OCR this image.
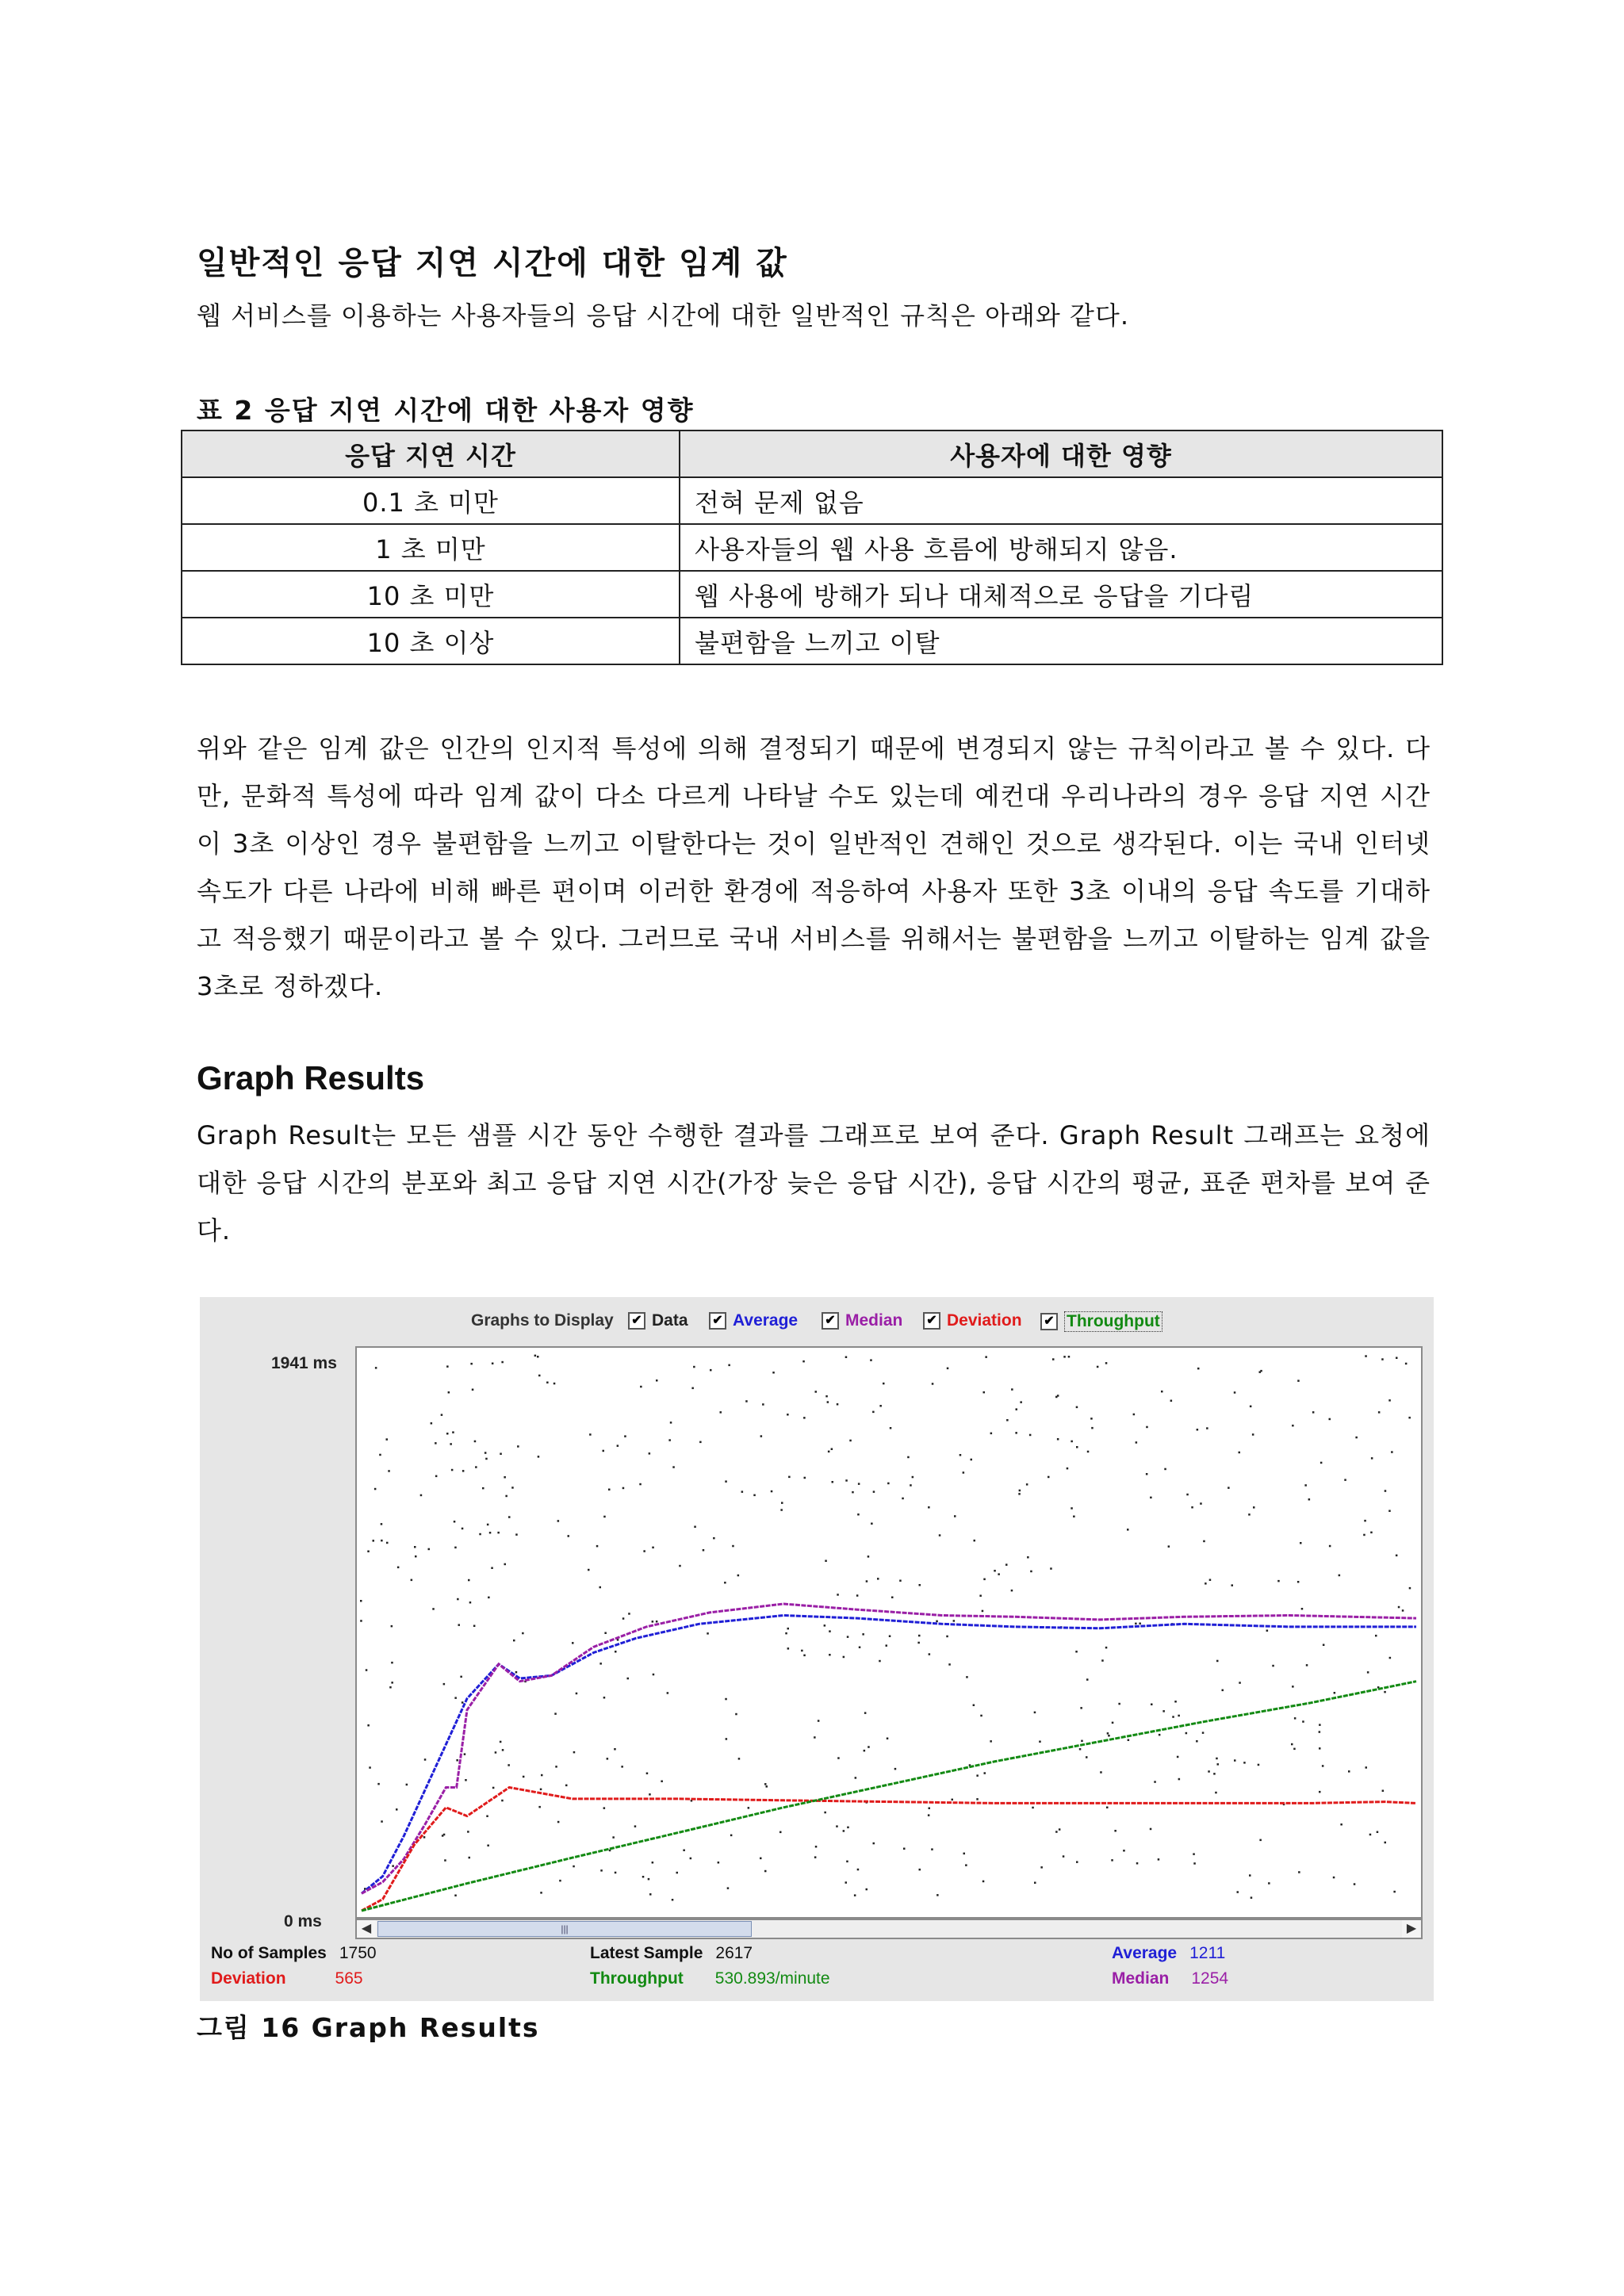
일반적인 응답 지연 시간에 대한 임계 값
웹 서비스를 이용하는 사용자들의 응답 시간에 대한 일반적인 규칙은 아래와 같다.
표 2 응답 지연 시간에 대한 사용자 영향
응답 지연 시간	사용자에 대한 영향
0.1 초 미만	전혀 문제 없음
1 초 미만	사용자들의 웹 사용 흐름에 방해되지 않음.
10 초 미만	웹 사용에 방해가 되나 대체적으로 응답을 기다림
10 초 이상	불편함을 느끼고 이탈
위와 같은 임계 값은 인간의 인지적 특성에 의해 결정되기 때문에 변경되지 않는 규칙이라고 볼 수 있다. 다만, 문화적 특성에 따라 임계 값이 다소 다르게 나타날 수도 있는데 예컨대 우리나라의 경우 응답 지연 시간이 3초 이상인 경우 불편함을 느끼고 이탈한다는 것이 일반적인 견해인 것으로 생각된다. 이는 국내 인터넷 속도가 다른 나라에 비해 빠른 편이며 이러한 환경에 적응하여 사용자 또한 3초 이내의 응답 속도를 기대하고 적응했기 때문이라고 볼 수 있다. 그러므로 국내 서비스를 위해서는 불편함을 느끼고 이탈하는 임계 값을 3초로 정하겠다.
Graph Results
Graph Result는 모든 샘플 시간 동안 수행한 결과를 그래프로 보여 준다. Graph Result 그래프는 요청에 대한 응답 시간의 분포와 최고 응답 지연 시간(가장 늦은 응답 시간), 응답 시간의 평균, 표준 편차를 보여 준다.
Graphs to Display ✔ Data ✔ Average ✔ Median ✔ Deviation ✔ Throughput
1941 ms
0 ms	◀	|||	▶
No of Samples 1750
Deviation	565
Latest Sample 2617
Throughput 530.893/minute
Average 1211
Median 1254
그림 16 Graph Results
